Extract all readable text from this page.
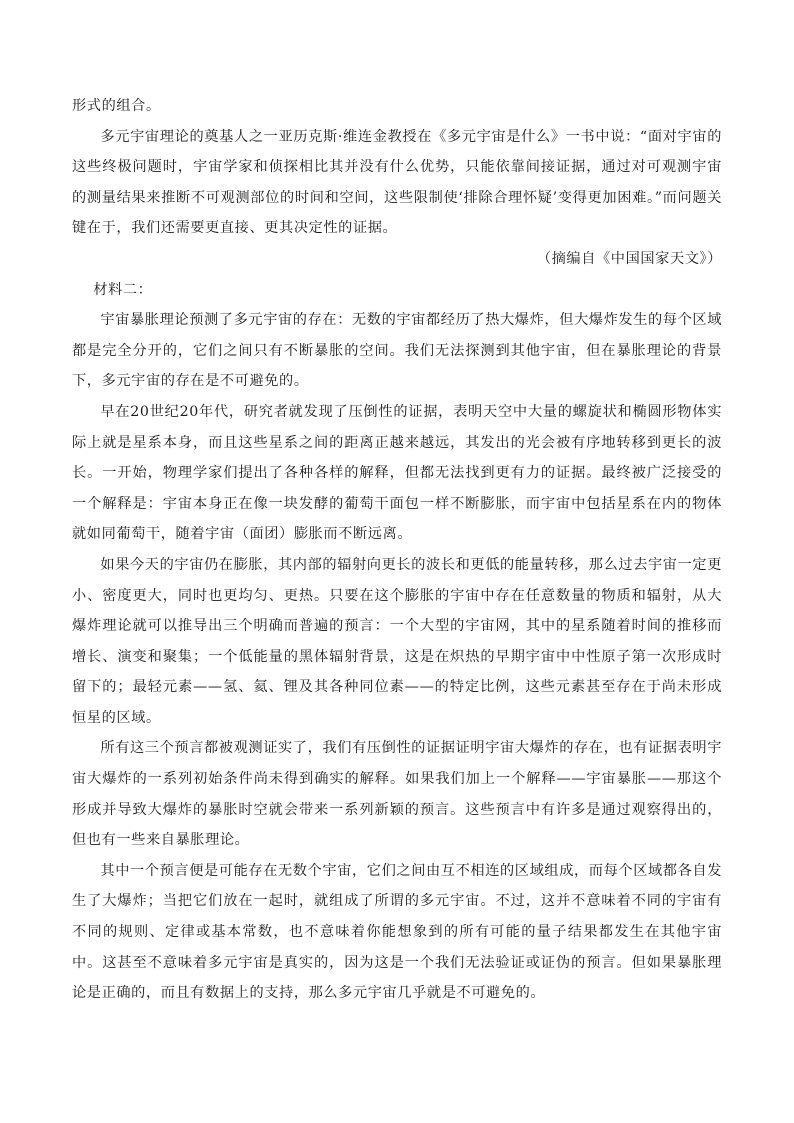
形式的组合。

多元宇宙理论的奠基人之一亚历克斯·维连金教授在《多元宇宙是什么》一书中说：“面对宇宙的这些终极问题时，宇宙学家和侦探相比其并没有什么优势，只能依靠间接证据，通过对可观测宇宙的测量结果来推断不可观测部位的时间和空间，这些限制使‘排除合理怀疑’变得更加困难。”而问题关键在于，我们还需要更直接、更其决定性的证据。

（摘编自《中国国家天文》）

材料二：

宇宙暴胀理论预测了多元宇宙的存在：无数的宇宙都经历了热大爆炸，但大爆炸发生的每个区域都是完全分开的，它们之间只有不断暴胀的空间。我们无法探测到其他宇宙，但在暴胀理论的背景下，多元宇宙的存在是不可避免的。

早在20世纪20年代，研究者就发现了压倒性的证据，表明天空中大量的螺旋状和椭圆形物体实际上就是星系本身，而且这些星系之间的距离正越来越远，其发出的光会被有序地转移到更长的波长。一开始，物理学家们提出了各种各样的解释，但都无法找到更有力的证据。最终被广泛接受的一个解释是：宇宙本身正在像一块发酵的葡萄干面包一样不断膨胀，而宇宙中包括星系在内的物体就如同葡萄干，随着宇宙（面团）膨胀而不断远离。

如果今天的宇宙仍在膨胀，其内部的辐射向更长的波长和更低的能量转移，那么过去宇宙一定更小、密度更大，同时也更均匀、更热。只要在这个膨胀的宇宙中存在任意数量的物质和辐射，从大爆炸理论就可以推导出三个明确而普遍的预言：一个大型的宇宙网，其中的星系随着时间的推移而增长、演变和聚集；一个低能量的黑体辐射背景，这是在炽热的早期宇宙中中性原子第一次形成时留下的；最轻元素——氢、氦、锂及其各种同位素——的特定比例，这些元素甚至存在于尚未形成恒星的区域。

所有这三个预言都被观测证实了，我们有压倒性的证据证明宇宙大爆炸的存在，也有证据表明宇宙大爆炸的一系列初始条件尚未得到确实的解释。如果我们加上一个解释——宇宙暴胀——那这个形成并导致大爆炸的暴胀时空就会带来一系列新颖的预言。这些预言中有许多是通过观察得出的，但也有一些来自暴胀理论。

其中一个预言便是可能存在无数个宇宙，它们之间由互不相连的区域组成，而每个区域都各自发生了大爆炸；当把它们放在一起时，就组成了所谓的多元宇宙。不过，这并不意味着不同的宇宙有不同的规则、定律或基本常数，也不意味着你能想象到的所有可能的量子结果都发生在其他宇宙中。这甚至不意味着多元宇宙是真实的，因为这是一个我们无法验证或证伪的预言。但如果暴胀理论是正确的，而且有数据上的支持，那么多元宇宙几乎就是不可避免的。
